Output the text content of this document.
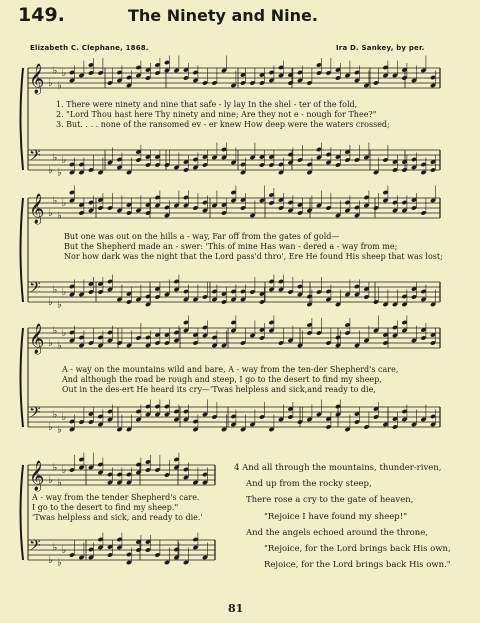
149.	The Ninety and Nine.
Elizabeth C. Clephane, 1868.	Ira D. Sankey, by per.
𝄞 ♭
♭
♭
♭
𝄢
♭
♭
♭
♭
𝄞 ♭
♭
♭
♭
𝄢
♭
♭
♭
♭
𝄞 ♭
♭
♭
♭
𝄢
♭
♭
♭
♭
𝄞 ♭
♭
♭
♭
𝄢
♭
♭
♭
♭
1. There were ninety and nine that safe - ly lay In the shel - ter of the fold,
2. "Lord Thou hast here Thy ninety and nine; Are they not e - nough for Thee?"
3. But. . . . none of the ransomed ev - er knew How deep were the waters crossed;
But one was out on the hills a - way, Far off from the gates of gold—
But the Shepherd made an - swer: 'This of mine Has wan - dered a - way from me;
Nor how dark was the night that the Lord pass'd thro', Ere He found His sheep that was lost;
A - way on the mountains wild and bare, A - way from the ten-der Shepherd's care,
And although the road be rough and steep, I go to the desert to find my sheep,
Out in the des-ert He heard its cry—'Twas helpless and sick,and ready to die,
A - way from the tender Shepherd's care.
I go to the desert to find my sheep."
'Twas helpless and sick, and ready to die.'
4 And all through the mountains, thunder-riven,
And up from the rocky steep,
There rose a cry to the gate of heaven,
"Rejoice I have found my sheep!"
And the angels echoed around the throne,
"Rejoice, for the Lord brings back His own,
Rejoice, for the Lord brings back His own."
81
